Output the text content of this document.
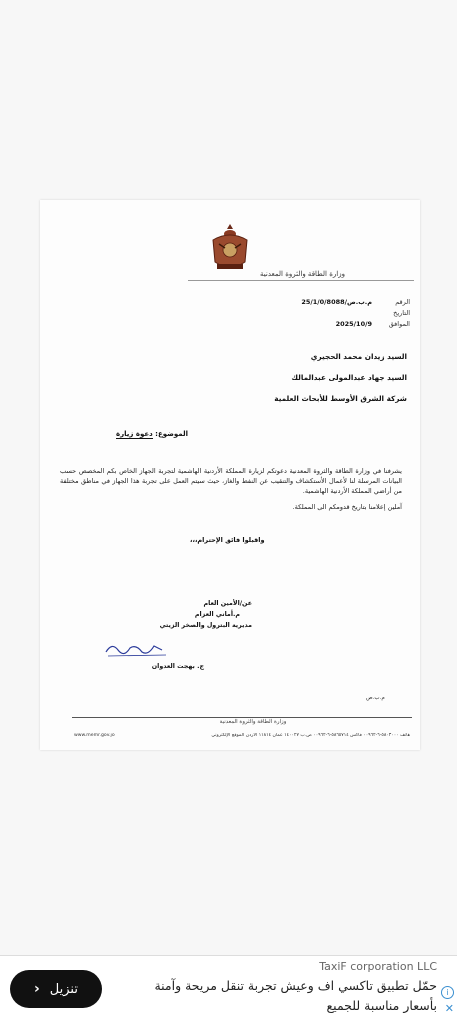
وزارة الطاقة والثروة المعدنية
الرقم
م.ب.ص/25/1/0/8088
التاريخ
الموافق
2025/10/9
السيد زيدان محمد الحجيري
السيد جهاد عبدالمولى عبدالمالك
شركة الشرق الأوسط للأبحاث العلمية
الموضوع: دعوة زيارة

يشرفنا في وزارة الطاقة والثروة المعدنية دعوتكم لزيارة المملكة الأردنية الهاشمية لتجربة الجهاز الخاص بكم المخصص حسب البيانات المرسلة لنا لأعمال الأستكشاف والتنقيب عن النفط والغاز، حيث سيتم العمل على تجربة هذا الجهاز في مناطق مختلفة من أراضي المملكة الأردنية الهاشمية.

آملين إعلامنا بتاريخ قدومكم الى المملكة.

واقبلوا فائق الإحترام،،،
عن/الأمين العام
م.أماني العزام
مديرية البترول والصخر الزيتي
ج. بهجت العدوان
م.ب.ص
وزارة الطاقة والثروة المعدنية
هاتف ٥٨٠٣٠٠٠-٦-٠٠٩٦٢ فاكس ٥٨٦٥٧١٤-٦-٠٠٩٦٢ ص.ب ١٤٠٠٢٧ عمان ١١٨١٤ الأردن الموقع الإلكتروني
www.memr.gov.jo
› تنزيل
TaxiF corporation LLC
حمّل تطبيق تاكسي اف وعيش تجربة تنقل مريحة وآمنة بأسعار مناسبة للجميع
i
✕
